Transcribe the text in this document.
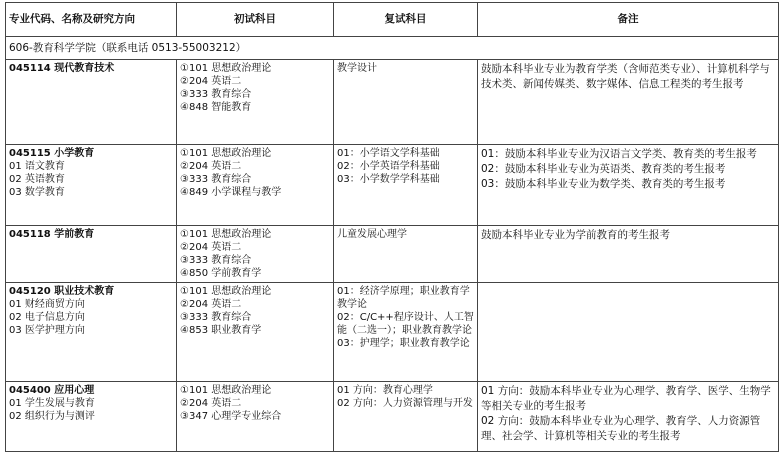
专业代码、名称及研究方向	初试科目	复试科目	备注
606-教育科学学院（联系电话 0513-55003212）			

045114 现代教育技术	①101 思想政治理论
②204 英语二
③333 教育综合
④848 智能教育	教学设计	鼓励本科毕业专业为教育学类（含师范类专业）、计算机科学与技术类、新闻传媒类、数字媒体、信息工程类的考生报考

045115 小学教育
01 语文教育
02 英语教育
03 数学教育	①101 思想政治理论
②204 英语二
③333 教育综合
④849 小学课程与教学	01：小学语文学科基础
02：小学英语学科基础
03：小学数学学科基础	01：鼓励本科毕业专业为汉语言文学类、教育类的考生报考
02：鼓励本科毕业专业为英语类、教育类的考生报考
03：鼓励本科毕业专业为数学类、教育类的考生报考

045118 学前教育	①101 思想政治理论
②204 英语二
③333 教育综合
④850 学前教育学	儿童发展心理学	鼓励本科毕业专业为学前教育的考生报考

045120 职业技术教育
01 财经商贸方向
02 电子信息方向
03 医学护理方向	①101 思想政治理论
②204 英语二
③333 教育综合
④853 职业教育学	01：经济学原理；职业教育学教学论
02：C/C++程序设计、人工智能（二选一）；职业教育教学论
03：护理学；职业教育教学论	

045400 应用心理
01 学生发展与教育
02 组织行为与测评	①101 思想政治理论
②204 英语二
③347 心理学专业综合	01 方向：教育心理学
02 方向：人力资源管理与开发	01 方向：鼓励本科毕业专业为心理学、教育学、医学、生物学等相关专业的考生报考
02 方向：鼓励本科毕业专业为心理学、教育学、人力资源管理、社会学、计算机等相关专业的考生报考
